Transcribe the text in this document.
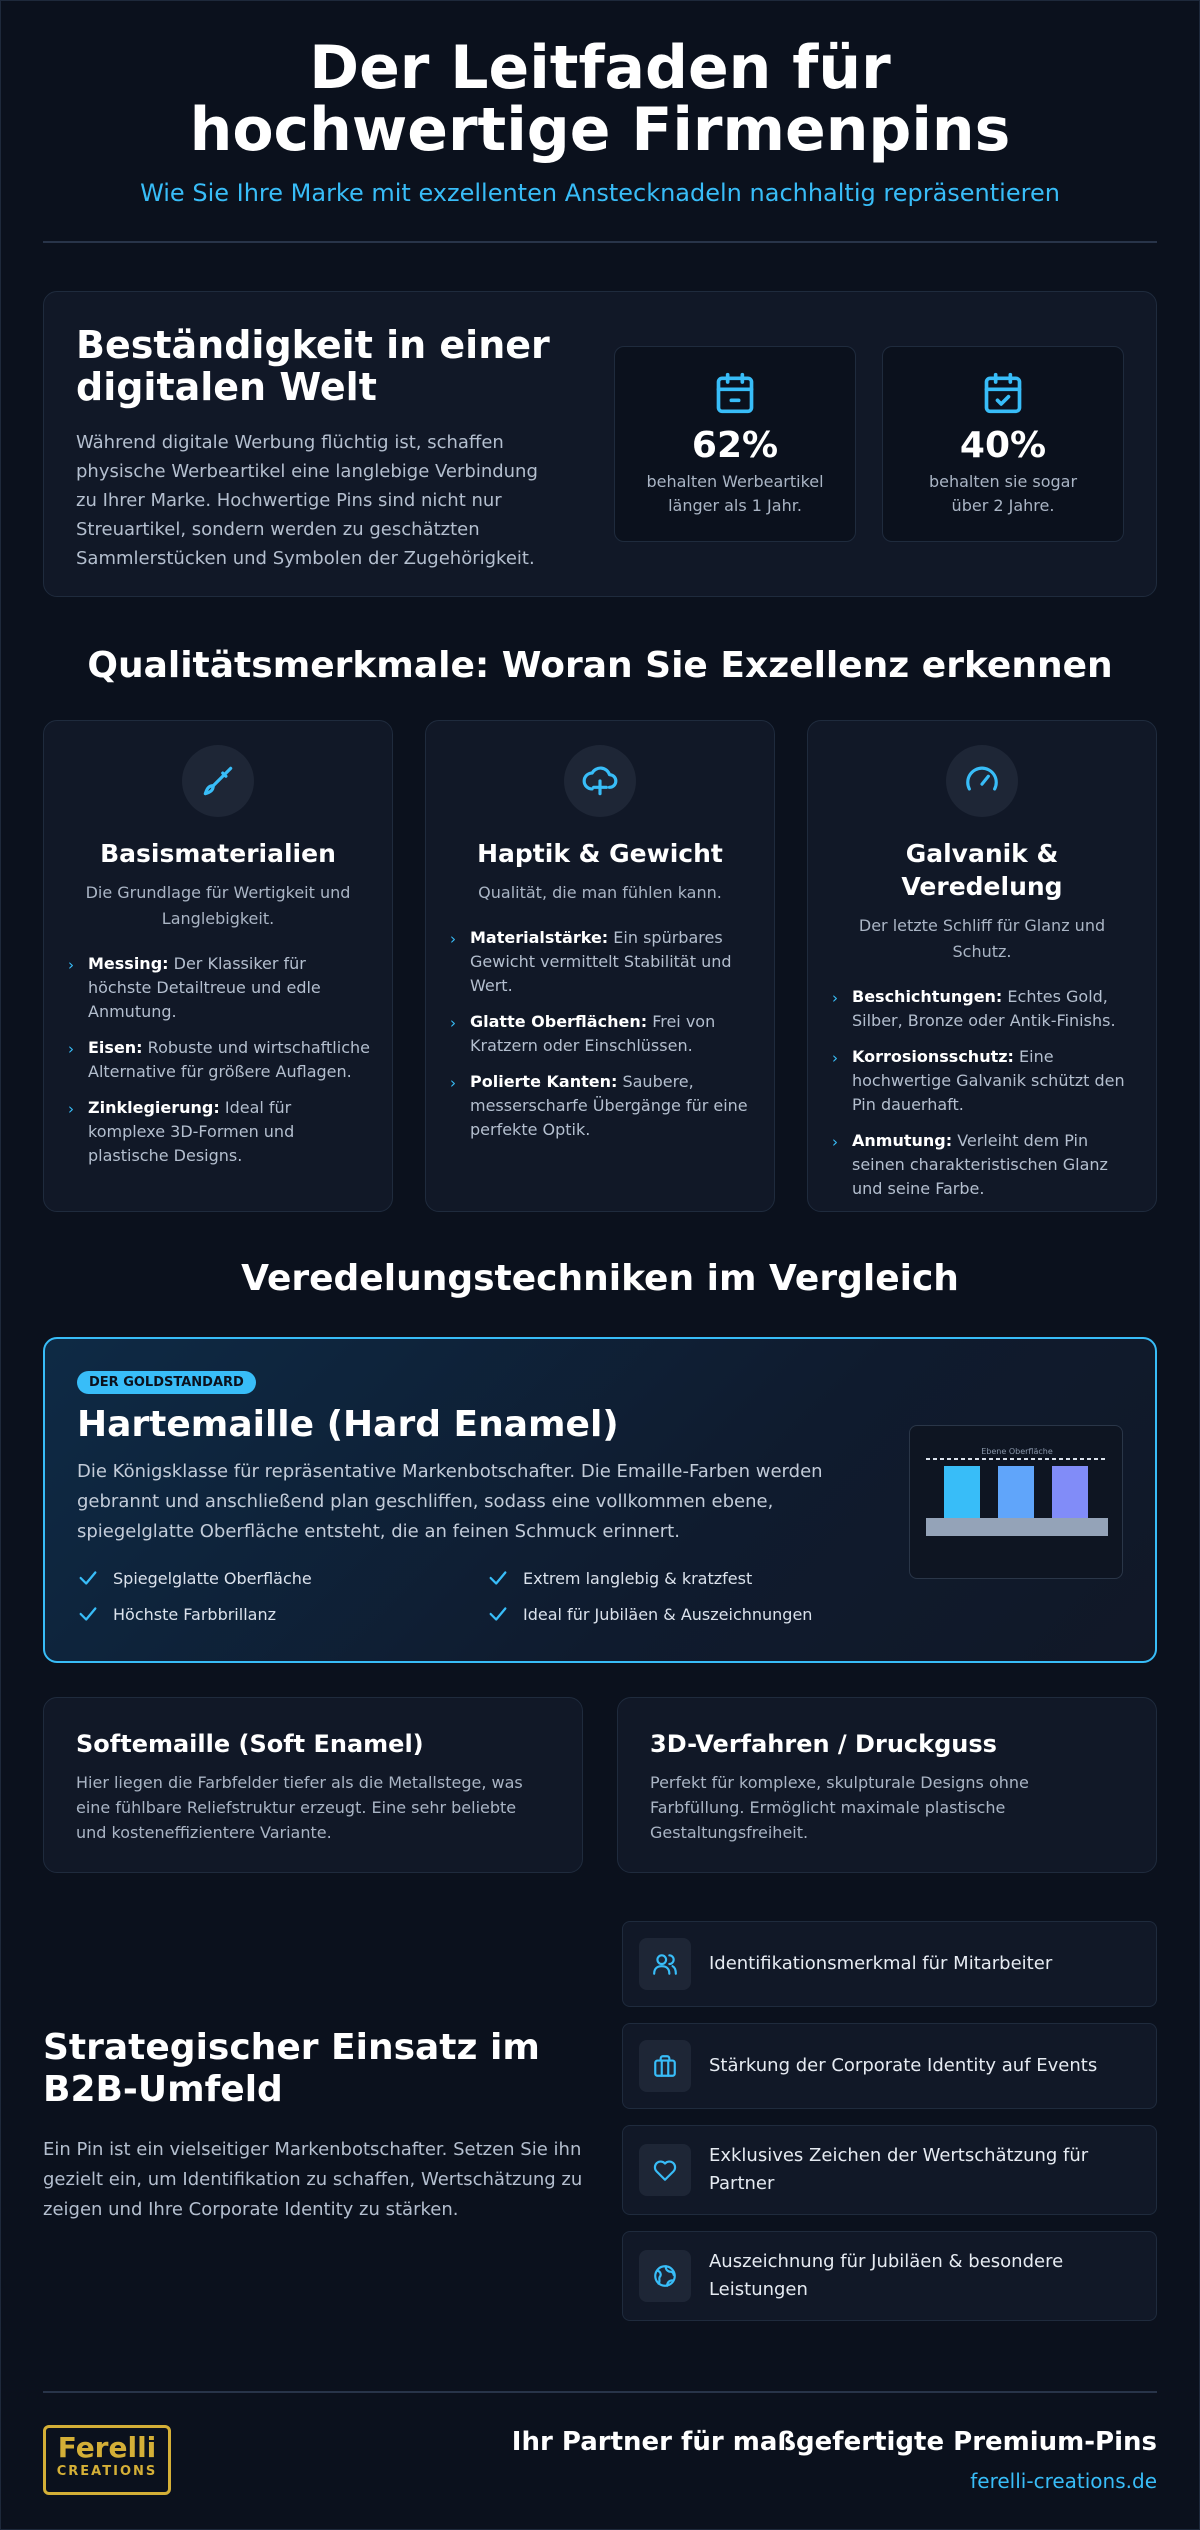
Der Leitfaden für hochwertige Firmenpins
Wie Sie Ihre Marke mit exzellenten Anstecknadeln nachhaltig repräsentieren
Beständigkeit in einer digitalen Welt

Während digitale Werbung flüchtig ist, schaffen physische Werbeartikel eine langlebige Verbindung zu Ihrer Marke. Hochwertige Pins sind nicht nur Streuartikel, sondern werden zu geschätzten Sammlerstücken und Symbolen der Zugehörigkeit.

62%
behalten Werbeartikel länger als 1 Jahr.
40%
behalten sie sogar über 2 Jahre.
Qualitätsmerkmale: Woran Sie Exzellenz erkennen
Basismaterialien
Die Grundlage für Wertigkeit und Langlebigkeit.
› Messing: Der Klassiker für höchste Detailtreue und edle Anmutung.
› Eisen: Robuste und wirtschaftliche Alternative für größere Auflagen.
› Zinklegierung: Ideal für komplexe 3D-Formen und plastische Designs.
Haptik & Gewicht
Qualität, die man fühlen kann.
› Materialstärke: Ein spürbares Gewicht vermittelt Stabilität und Wert.
› Glatte Oberflächen: Frei von Kratzern oder Einschlüssen.
› Polierte Kanten: Saubere, messerscharfe Übergänge für eine perfekte Optik.
Galvanik & Veredelung
Der letzte Schliff für Glanz und Schutz.
› Beschichtungen: Echtes Gold, Silber, Bronze oder Antik-Finishs.
› Korrosionsschutz: Eine hochwertige Galvanik schützt den Pin dauerhaft.
› Anmutung: Verleiht dem Pin seinen charakteristischen Glanz und seine Farbe.
Veredelungstechniken im Vergleich
DER GOLDSTANDARD
Hartemaille (Hard Enamel)

Die Königsklasse für repräsentative Markenbotschafter. Die Emaille-Farben werden gebrannt und anschließend plan geschliffen, sodass eine vollkommen ebene, spiegelglatte Oberfläche entsteht, die an feinen Schmuck erinnert.

Spiegelglatte Oberfläche	Extrem langlebig & kratzfest
Höchste Farbbrillanz	Ideal für Jubiläen & Auszeichnungen
Ebene Oberfläche
Softemaille (Soft Enamel)

Hier liegen die Farbfelder tiefer als die Metallstege, was eine fühlbare Reliefstruktur erzeugt. Eine sehr beliebte und kosteneffizientere Variante.

3D-Verfahren / Druckguss

Perfekt für komplexe, skulpturale Designs ohne Farbfüllung. Ermöglicht maximale plastische Gestaltungsfreiheit.

Strategischer Einsatz im B2B-Umfeld

Ein Pin ist ein vielseitiger Markenbotschafter. Setzen Sie ihn gezielt ein, um Identifikation zu schaffen, Wertschätzung zu zeigen und Ihre Corporate Identity zu stärken.

Identifikationsmerkmal für Mitarbeiter
Stärkung der Corporate Identity auf Events
Exklusives Zeichen der Wertschätzung für Partner
Auszeichnung für Jubiläen & besondere Leistungen
Ferelli
CREATIONS
Ihr Partner für maßgefertigte Premium-Pins
ferelli-creations.de
